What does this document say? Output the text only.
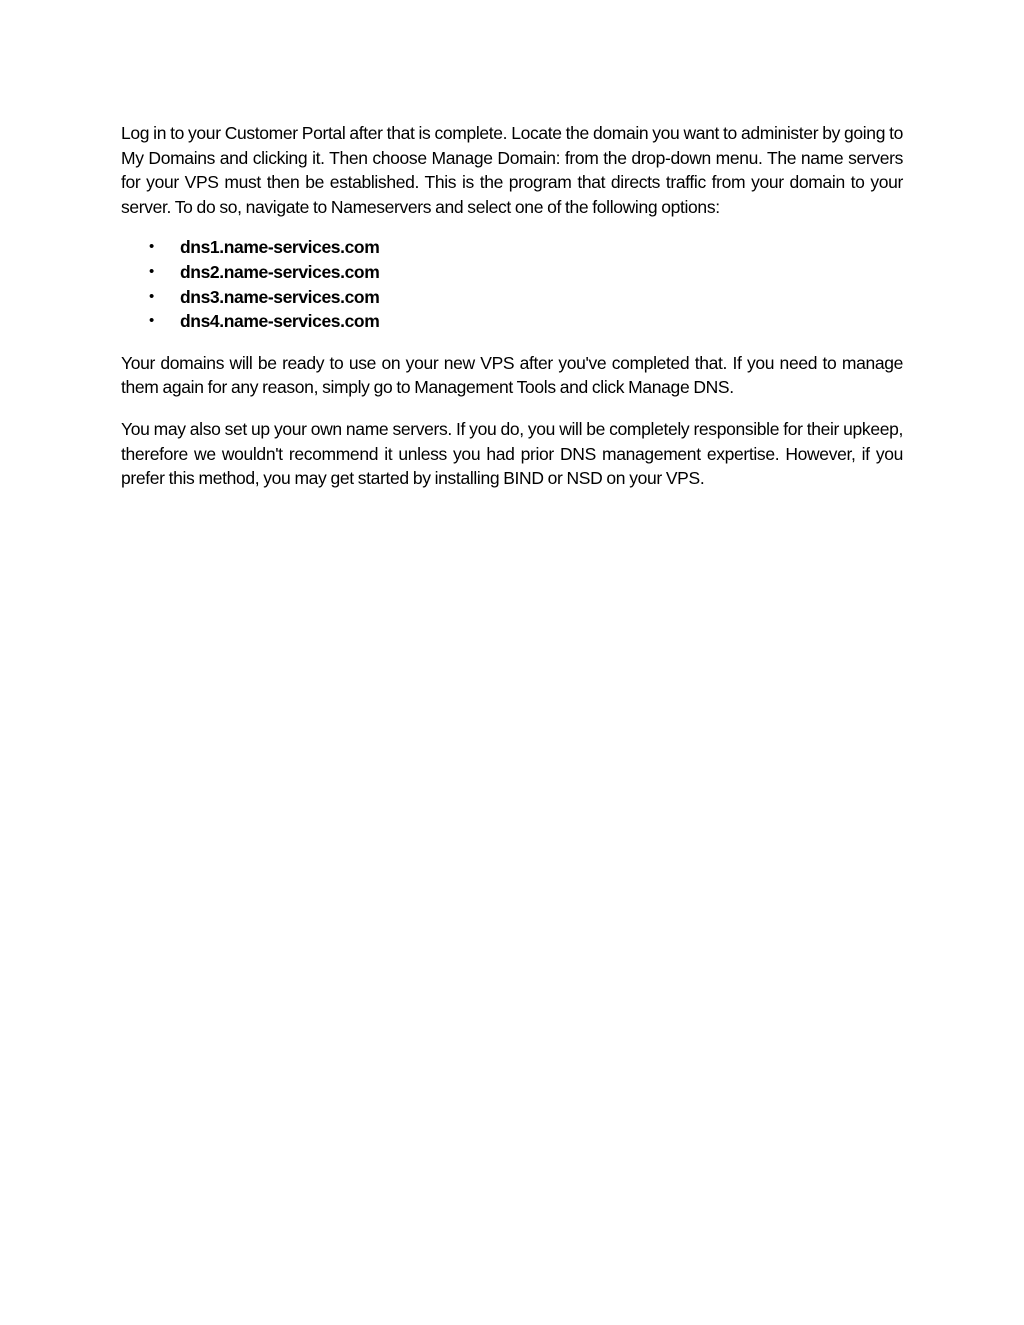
Log in to your Customer Portal after that is complete. Locate the domain you want to administer by going to My Domains and clicking it. Then choose Manage Domain: from the drop-down menu. The name servers for your VPS must then be established. This is the program that directs traffic from your domain to your server. To do so, navigate to Nameservers and select one of the following options:

• dns1.name-services.com
• dns2.name-services.com
• dns3.name-services.com
• dns4.name-services.com

Your domains will be ready to use on your new VPS after you've completed that. If you need to manage them again for any reason, simply go to Management Tools and click Manage DNS.

You may also set up your own name servers. If you do, you will be completely responsible for their upkeep, therefore we wouldn't recommend it unless you had prior DNS management expertise. However, if you prefer this method, you may get started by installing BIND or NSD on your VPS.
